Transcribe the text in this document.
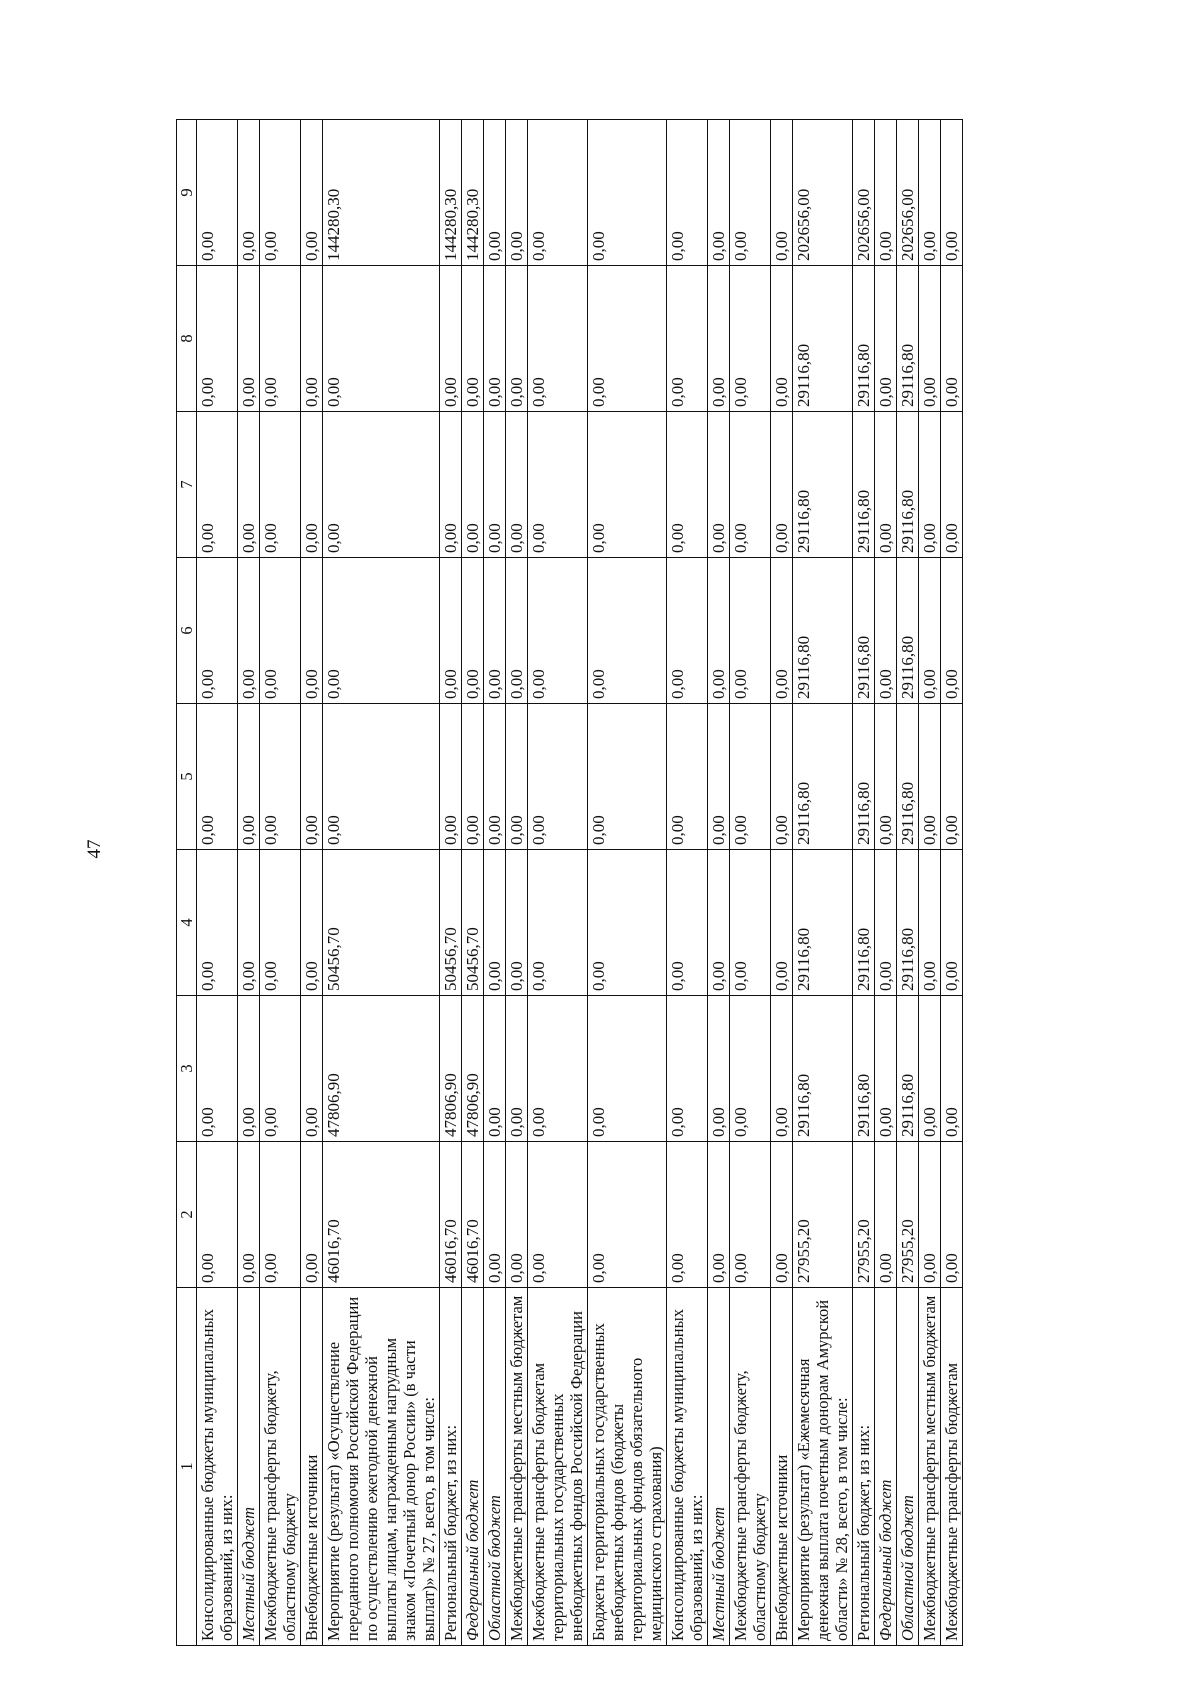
47
1	2	3	4	5	6	7	8	9
Консолидированные бюджеты муниципальных образований, из них:	0,00	0,00	0,00	0,00	0,00	0,00	0,00	0,00
Местный бюджет	0,00	0,00	0,00	0,00	0,00	0,00	0,00	0,00
Межбюджетные трансферты бюджету, областному бюджету	0,00	0,00	0,00	0,00	0,00	0,00	0,00	0,00
Внебюджетные источники	0,00	0,00	0,00	0,00	0,00	0,00	0,00	0,00
Мероприятие (результат) «Осуществление переданного полномочия Российской Федерации по осуществлению ежегодной денежной выплаты лицам, награжденным нагрудным знаком «Почетный донор России» (в части выплат)» № 27, всего, в том числе:	46016,70	47806,90	50456,70	0,00	0,00	0,00	0,00	144280,30
Региональный бюджет, из них:	46016,70	47806,90	50456,70	0,00	0,00	0,00	0,00	144280,30
Федеральный бюджет	46016,70	47806,90	50456,70	0,00	0,00	0,00	0,00	144280,30
Областной бюджет	0,00	0,00	0,00	0,00	0,00	0,00	0,00	0,00
Межбюджетные трансферты местным бюджетам	0,00	0,00	0,00	0,00	0,00	0,00	0,00	0,00
Межбюджетные трансферты бюджетам территориальных государственных внебюджетных фондов Российской Федерации	0,00	0,00	0,00	0,00	0,00	0,00	0,00	0,00
Бюджеты территориальных государственных внебюджетных фондов (бюджеты территориальных фондов обязательного медицинского страхования)	0,00	0,00	0,00	0,00	0,00	0,00	0,00	0,00
Консолидированные бюджеты муниципальных образований, из них:	0,00	0,00	0,00	0,00	0,00	0,00	0,00	0,00
Местный бюджет	0,00	0,00	0,00	0,00	0,00	0,00	0,00	0,00
Межбюджетные трансферты бюджету, областному бюджету	0,00	0,00	0,00	0,00	0,00	0,00	0,00	0,00
Внебюджетные источники	0,00	0,00	0,00	0,00	0,00	0,00	0,00	0,00
Мероприятие (результат) «Ежемесячная денежная выплата почетным донорам Амурской области» № 28, всего, в том числе:	27955,20	29116,80	29116,80	29116,80	29116,80	29116,80	29116,80	202656,00
Региональный бюджет, из них:	27955,20	29116,80	29116,80	29116,80	29116,80	29116,80	29116,80	202656,00
Федеральный бюджет	0,00	0,00	0,00	0,00	0,00	0,00	0,00	0,00
Областной бюджет	27955,20	29116,80	29116,80	29116,80	29116,80	29116,80	29116,80	202656,00
Межбюджетные трансферты местным бюджетам	0,00	0,00	0,00	0,00	0,00	0,00	0,00	0,00
Межбюджетные трансферты бюджетам	0,00	0,00	0,00	0,00	0,00	0,00	0,00	0,00
